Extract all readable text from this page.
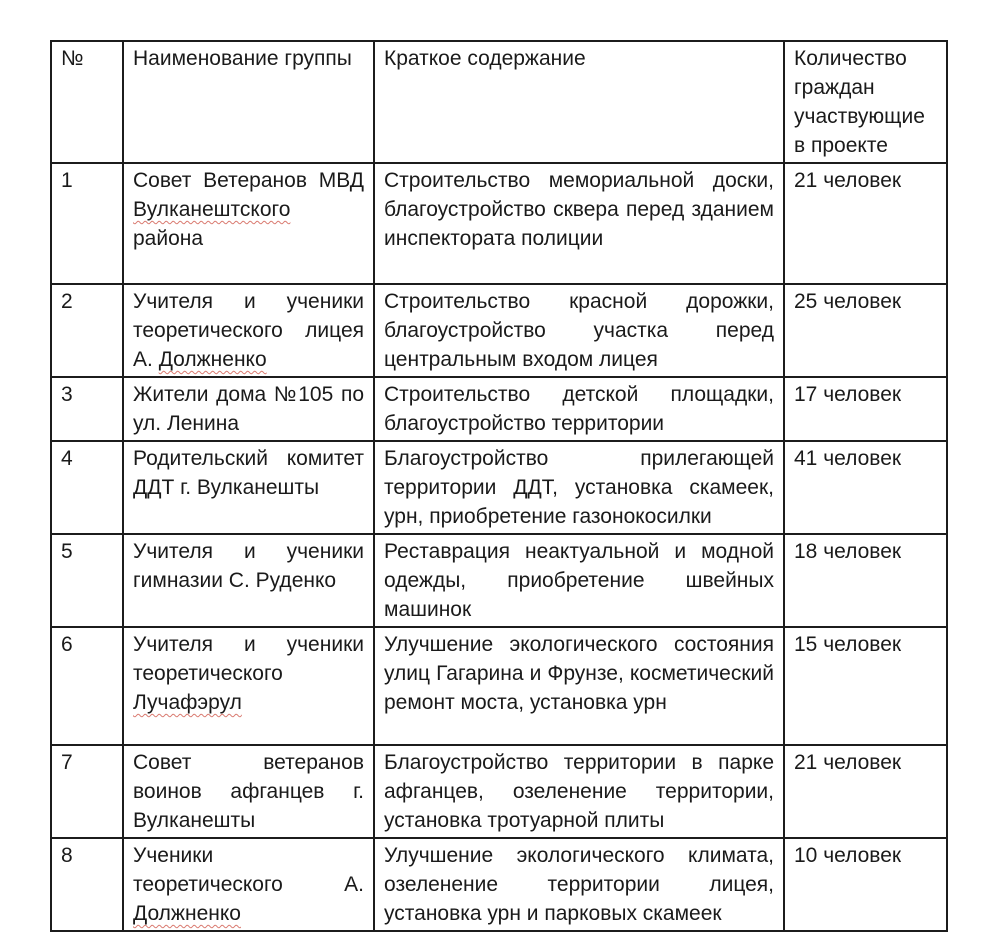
№	Наименование группы	Краткое содержание	Количество граждан участвующие в проекте
1	Совет Ветеранов МВД Вулканештского района	Строительство мемориальной доски, благоустройство сквера перед зданием инспектората полиции	21 человек
2	Учителя и ученики теоретического лицея А. Должненко	Строительство красной дорожки, благоустройство участка перед центральным входом лицея	25 человек
3	Жители дома №105 по ул. Ленина	Строительство детской площадки, благоустройство территории	17 человек
4	Родительский комитет ДДТ г. Вулканешты	Благоустройство прилегающей территории ДДТ, установка скамеек, урн, приобретение газонокосилки	41 человек
5	Учителя и ученики гимназии С. Руденко	Реставрация неактуальной и модной одежды, приобретение швейных машинок	18 человек
6	Учителя и ученики теоретического Лучафэрул	Улучшение экологического состояния улиц Гагарина и Фрунзе, косметический ремонт моста, установка урн	15 человек
7	Совет ветеранов воинов афганцев г. Вулканешты	Благоустройство территории в парке афганцев, озеленение территории, установка тротуарной плиты	21 человек
8	Ученики теоретического А. Должненко	Улучшение экологического климата, озеленение территории лицея, установка урн и парковых скамеек	10 человек
